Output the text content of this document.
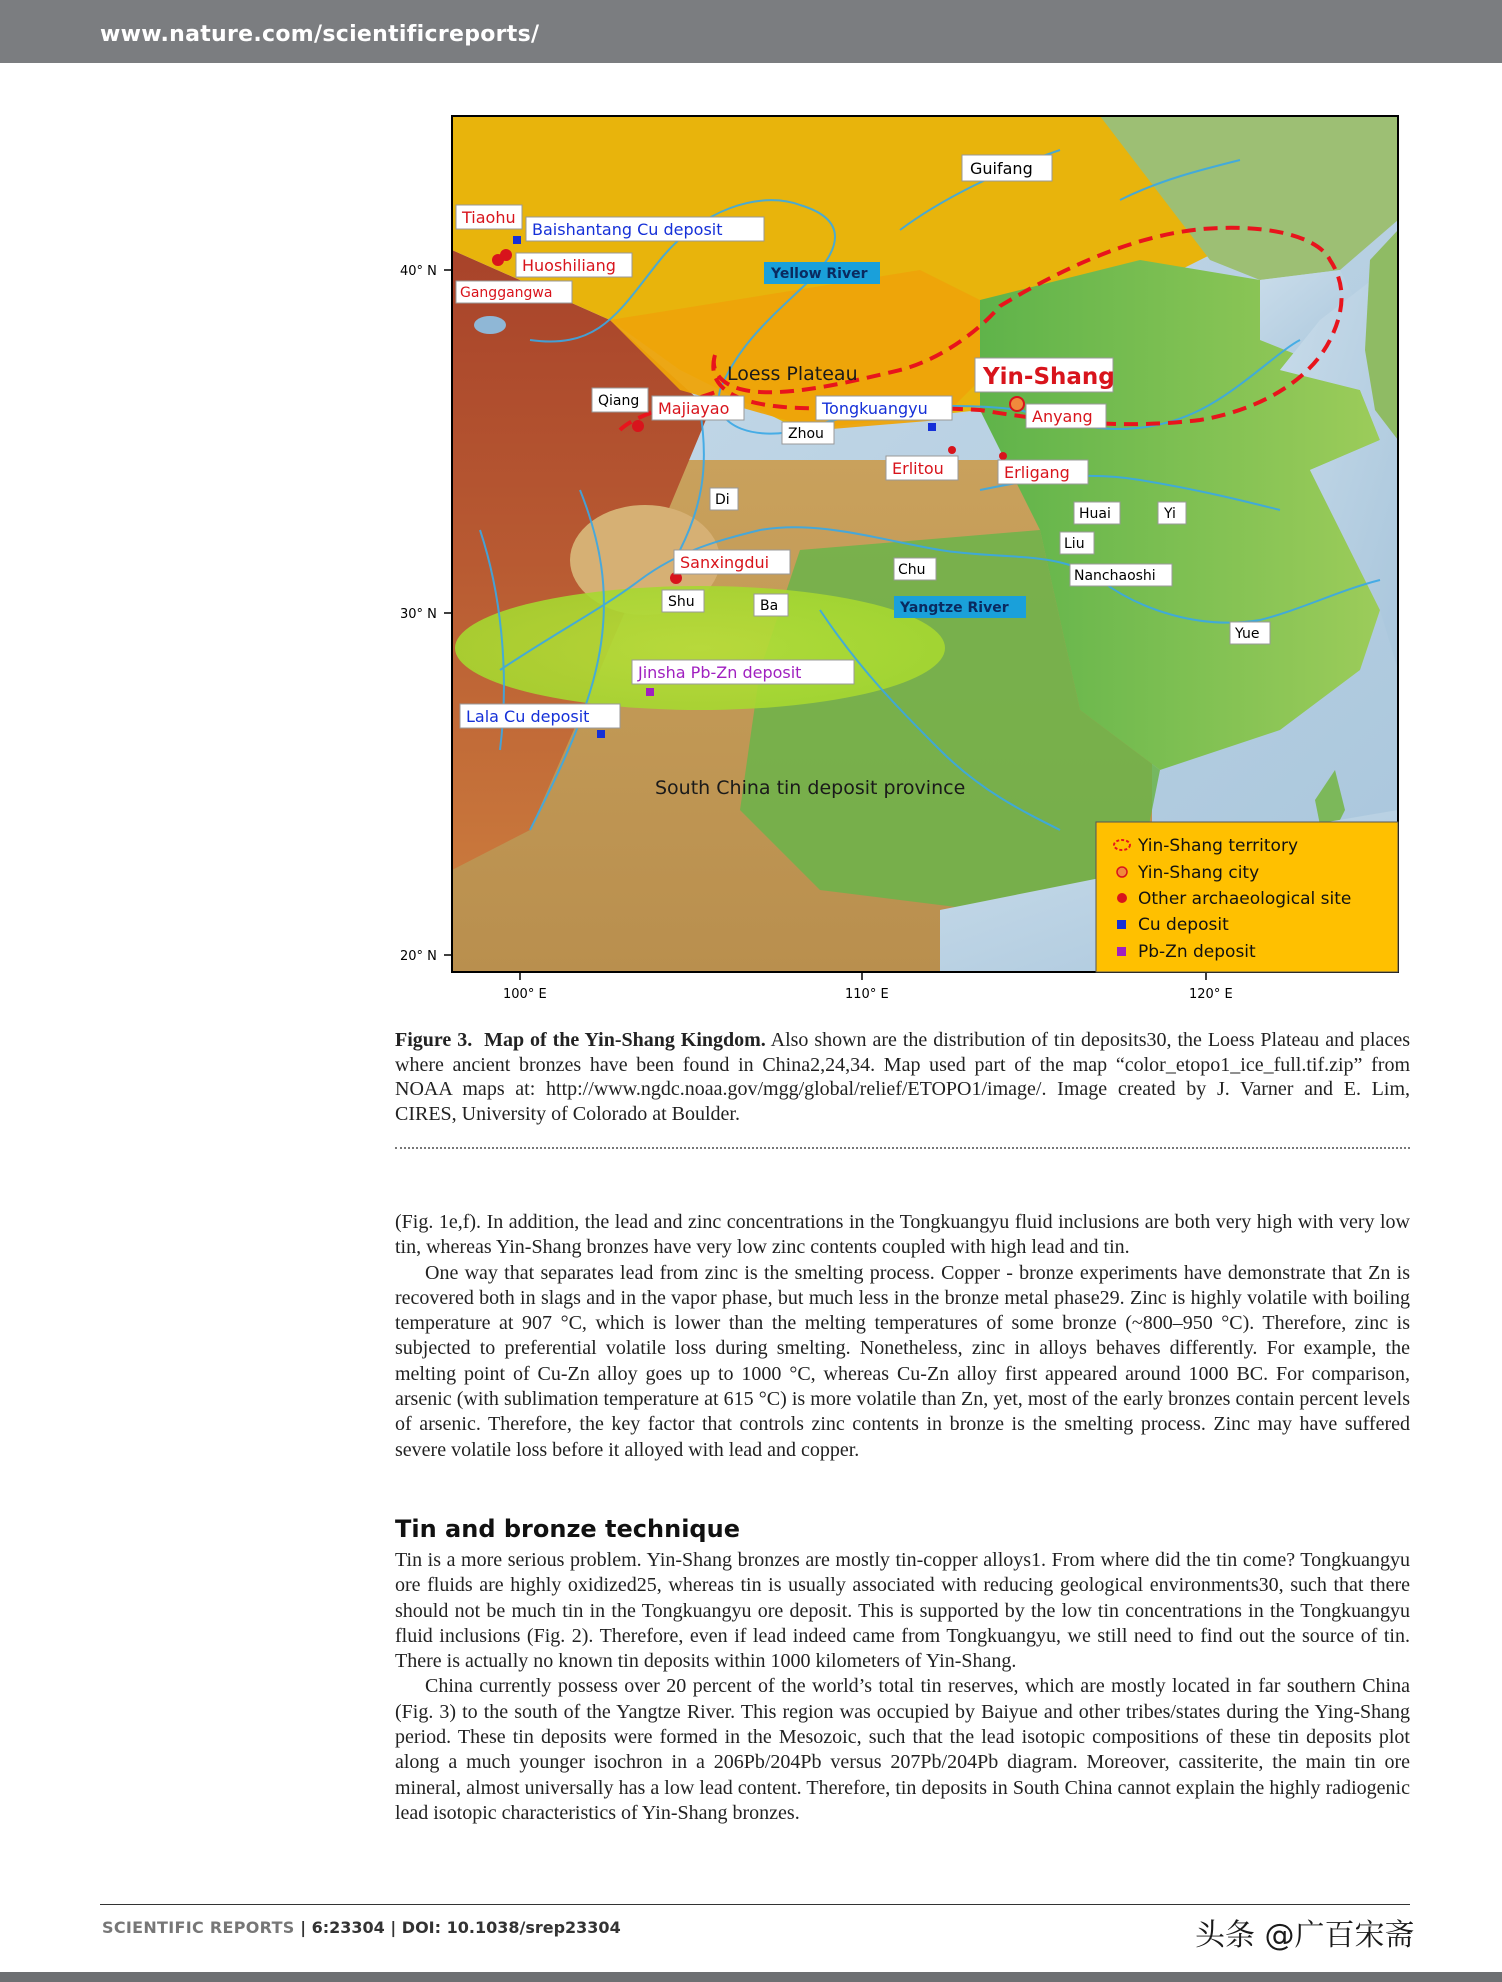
www.nature.com/scientificreports/
40° N
30° N
20° N
100° E	110° E	120° E
Guifang
Tiaohu
Baishantang Cu deposit
Huoshiliang
Ganggangwa
Yellow River
Loess Plateau	Yin-Shang
Qiang Majiayao	Tongkuangyu	Anyang
Zhou
Erlitou	Erligang
Di
Huai	Yi
Liu
Sanxingdui	Chu	Nanchaoshi
Shu	Ba	Yangtze River
Yue
Jinsha Pb-Zn deposit
Lala Cu deposit
South China tin deposit province
Yin-Shang territory
Yin-Shang city
Other archaeological site
Cu deposit
Pb-Zn deposit
Figure 3. Map of the Yin-Shang Kingdom. Also shown are the distribution of tin deposits30, the Loess Plateau and places where ancient bronzes have been found in China2,24,34. Map used part of the map “color_etopo1_ice_full.tif.zip” from NOAA maps at: http://www.ngdc.noaa.gov/mgg/global/relief/ETOPO1/image/. Image created by J. Varner and E. Lim, CIRES, University of Colorado at Boulder.

(Fig. 1e,f). In addition, the lead and zinc concentrations in the Tongkuangyu fluid inclusions are both very high with very low tin, whereas Yin-Shang bronzes have very low zinc contents coupled with high lead and tin.

One way that separates lead from zinc is the smelting process. Copper - bronze experiments have demonstrate that Zn is recovered both in slags and in the vapor phase, but much less in the bronze metal phase29. Zinc is highly volatile with boiling temperature at 907 °C, which is lower than the melting temperatures of some bronze (~800–950 °C). Therefore, zinc is subjected to preferential volatile loss during smelting. Nonetheless, zinc in alloys behaves differently. For example, the melting point of Cu-Zn alloy goes up to 1000 °C, whereas Cu-Zn alloy first appeared around 1000 BC. For comparison, arsenic (with sublimation temperature at 615 °C) is more volatile than Zn, yet, most of the early bronzes contain percent levels of arsenic. Therefore, the key factor that controls zinc contents in bronze is the smelting process. Zinc may have suffered severe volatile loss before it alloyed with lead and copper.

Tin and bronze technique

Tin is a more serious problem. Yin-Shang bronzes are mostly tin-copper alloys1. From where did the tin come? Tongkuangyu ore fluids are highly oxidized25, whereas tin is usually associated with reducing geological environments30, such that there should not be much tin in the Tongkuangyu ore deposit. This is supported by the low tin concentrations in the Tongkuangyu fluid inclusions (Fig. 2). Therefore, even if lead indeed came from Tongkuangyu, we still need to find out the source of tin. There is actually no known tin deposits within 1000 kilometers of Yin-Shang.

China currently possess over 20 percent of the world’s total tin reserves, which are mostly located in far southern China (Fig. 3) to the south of the Yangtze River. This region was occupied by Baiyue and other tribes/states during the Ying-Shang period. These tin deposits were formed in the Mesozoic, such that the lead isotopic compositions of these tin deposits plot along a much younger isochron in a 206Pb/204Pb versus 207Pb/204Pb diagram. Moreover, cassiterite, the main tin ore mineral, almost universally has a low lead content. Therefore, tin deposits in South China cannot explain the highly radiogenic lead isotopic characteristics of Yin-Shang bronzes.

SCIENTIFIC REPORTS | 6:23304 | DOI: 10.1038/srep23304	头条 @广百宋斋
